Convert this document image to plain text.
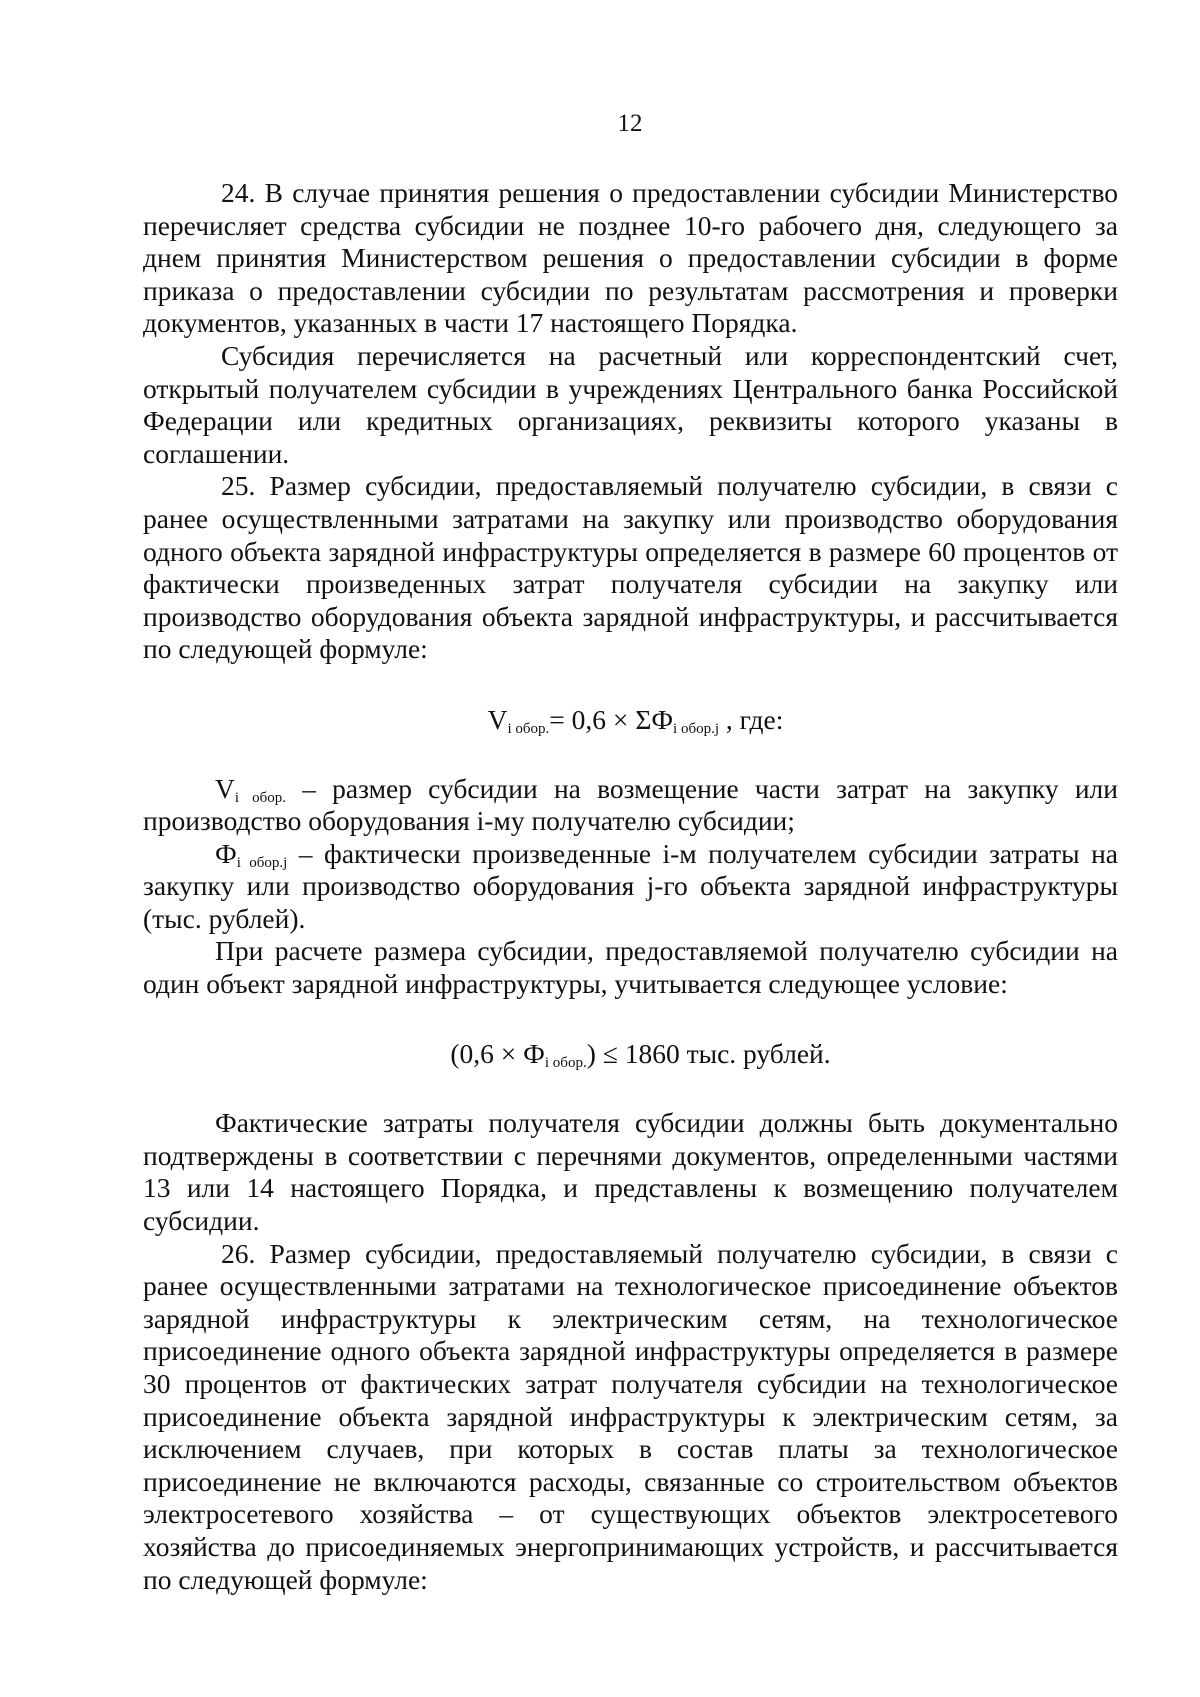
12

24. В случае принятия решения о предоставлении субсидии Министерство перечисляет средства субсидии не позднее 10-го рабочего дня, следующего за днем принятия Министерством решения о предоставлении субсидии в форме приказа о предоставлении субсидии по результатам рассмотрения и проверки документов, указанных в части 17 настоящего Порядка.

Субсидия перечисляется на расчетный или корреспондентский счет, открытый получателем субсидии в учреждениях Центрального банка Российской Федерации или кредитных организациях, реквизиты которого указаны в соглашении.

25. Размер субсидии, предоставляемый получателю субсидии, в связи с ранее осуществленными затратами на закупку или производство оборудования одного объекта зарядной инфраструктуры определяется в размере 60 процентов от фактически произведенных затрат получателя субсидии на закупку или производство оборудования объекта зарядной инфраструктуры, и рассчитывается по следующей формуле:

$V_{i обор.}= 0,6 \times \Sigma Ф_{i обор.j}$ , где:

$V_{i обор.}$ – размер субсидии на возмещение части затрат на закупку или производство оборудования i-му получателю субсидии;

$Ф_{i обор.j}$ – фактически произведенные i-м получателем субсидии затраты на закупку или производство оборудования j-го объекта зарядной инфраструктуры (тыс. рублей).

При расчете размера субсидии, предоставляемой получателю субсидии на один объект зарядной инфраструктуры, учитывается следующее условие:

$(0,6 \times Ф_{i обор.}) \le 1860$ тыс. рублей.

Фактические затраты получателя субсидии должны быть документально подтверждены в соответствии с перечнями документов, определенными частями 13 или 14 настоящего Порядка, и представлены к возмещению получателем субсидии.

26. Размер субсидии, предоставляемый получателю субсидии, в связи с ранее осуществленными затратами на технологическое присоединение объектов зарядной инфраструктуры к электрическим сетям, на технологическое присоединение одного объекта зарядной инфраструктуры определяется в размере 30 процентов от фактических затрат получателя субсидии на технологическое присоединение объекта зарядной инфраструктуры к электрическим сетям, за исключением случаев, при которых в состав платы за технологическое присоединение не включаются расходы, связанные со строительством объектов электросетевого хозяйства – от существующих объектов электросетевого хозяйства до присоединяемых энергопринимающих устройств, и рассчитывается по следующей формуле:
